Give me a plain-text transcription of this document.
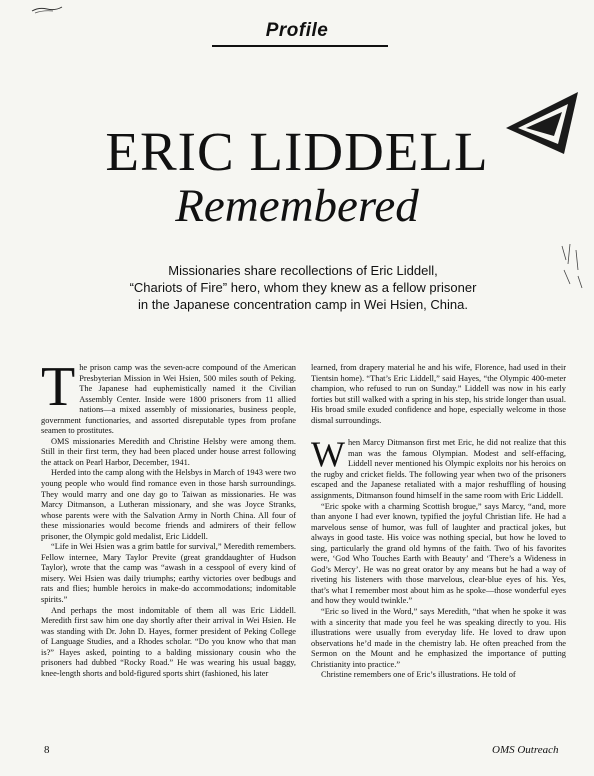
Profile
ERIC LIDDELL
Remembered
Missionaries share recollections of Eric Liddell,
“Chariots of Fire” hero, whom they knew as a fellow prisoner
in the Japanese concentration camp in Wei Hsien, China.

The prison camp was the seven-acre compound of the American Presbyterian Mission in Wei Hsien, 500 miles south of Peking. The Japanese had euphemistically named it the Civilian Assembly Center. Inside were 1800 prisoners from 11 allied nations—a mixed assembly of missionaries, business people, government functionaries, and assorted disreputable types from profane seamen to prostitutes.

OMS missionaries Meredith and Christine Helsby were among them. Still in their first term, they had been placed under house arrest following the attack on Pearl Harbor, December, 1941.

Herded into the camp along with the Helsbys in March of 1943 were two young people who would find romance even in those harsh surroundings. They would marry and one day go to Taiwan as missionaries. He was Marcy Ditmanson, a Lutheran missionary, and she was Joyce Stranks, whose parents were with the Salvation Army in North China. All four of these missionaries would become friends and admirers of their fellow prisoner, the Olympic gold medalist, Eric Liddell.

“Life in Wei Hsien was a grim battle for survival,” Meredith remembers. Fellow internee, Mary Taylor Previte (great granddaughter of Hudson Taylor), wrote that the camp was “awash in a cesspool of every kind of misery. Wei Hsien was daily triumphs; earthy victories over bedbugs and rats and flies; humble heroics in make-do accommodations; indomitable spirits.”

And perhaps the most indomitable of them all was Eric Liddell. Meredith first saw him one day shortly after their arrival in Wei Hsien. He was standing with Dr. John D. Hayes, former president of Peking College of Language Studies, and a Rhodes scholar. “Do you know who that man is?” Hayes asked, pointing to a balding missionary cousin who the prisoners had dubbed “Rocky Road.” He was wearing his usual baggy, knee-length shorts and bold-figured sports shirt (fashioned, his later

learned, from drapery material he and his wife, Florence, had used in their Tientsin home). “That’s Eric Liddell,” said Hayes, “the Olympic 400-meter champion, who refused to run on Sunday.” Liddell was now in his early forties but still walked with a spring in his step, his stride longer than usual. His broad smile exuded confidence and hope, especially welcome in those dismal surroundings.

When Marcy Ditmanson first met Eric, he did not realize that this man was the famous Olympian. Modest and self-effacing, Liddell never mentioned his Olympic exploits nor his heroics on the rugby and cricket fields. The following year when two of the prisoners escaped and the Japanese retaliated with a major reshuffling of housing assignments, Ditmanson found himself in the same room with Eric Liddell.

“Eric spoke with a charming Scottish brogue,” says Marcy, “and, more than anyone I had ever known, typified the joyful Christian life. He had a marvelous sense of humor, was full of laughter and practical jokes, but always in good taste. His voice was nothing special, but how he loved to sing, particularly the grand old hymns of the faith. Two of his favorites were, ‘God Who Touches Earth with Beauty’ and ‘There’s a Wideness in God’s Mercy’. He was no great orator by any means but he had a way of riveting his listeners with those marvelous, clear-blue eyes of his. Yes, that’s what I remember most about him as he spoke—those wonderful eyes and how they would twinkle.”

“Eric so lived in the Word,” says Meredith, “that when he spoke it was with a sincerity that made you feel he was speaking directly to you. His illustrations were usually from everyday life. He loved to draw upon observations he’d made in the chemistry lab. He often preached from the Sermon on the Mount and he emphasized the importance of putting Christianity into practice.”

Christine remembers one of Eric’s illustrations. He told of

8	OMS Outreach
